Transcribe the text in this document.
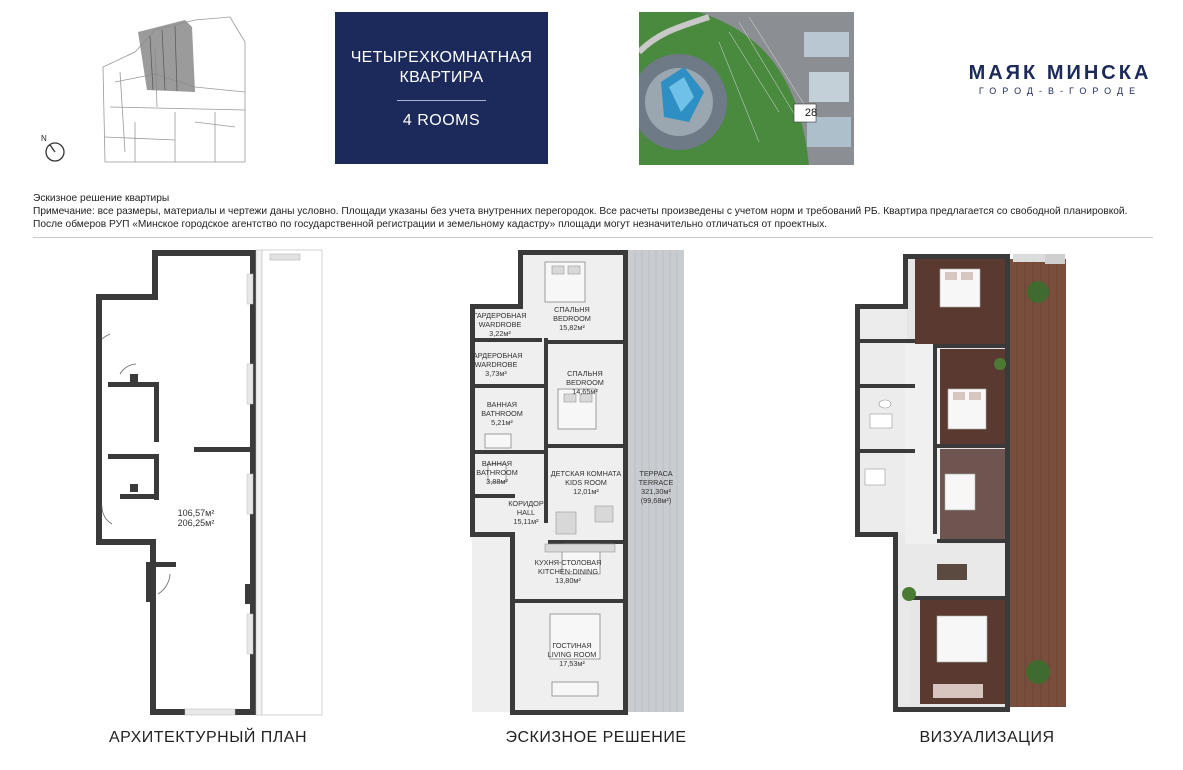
N
ЧЕТЫРЕХКОМНАТНАЯ
КВАРТИРА
4 ROOMS	28
МАЯК МИНСКА
ГОРОД-В-ГОРОДЕ
Эскизное решение квартиры
Примечание: все размеры, материалы и чертежи даны условно. Площади указаны без учета внутренних перегородок. Все расчеты произведены с учетом норм и требований РБ. Квартира предлагается со свободной планировкой.
После обмеров РУП «Минское городское агентство по государственной регистрации и земельному кадастру» площади могут незначительно отличаться от проектных.
106,57м²
206,25м²
АРХИТЕКТУРНЫЙ ПЛАН
СПАЛЬНЯ
BEDROOM
15,82м²
ГАРДЕРОБНАЯ
WARDROBE
3,22м²
ГАРДЕРОБНАЯ
WARDROBE
3,73м²	СПАЛЬНЯ
BEDROOM
14,65м²
ВАННАЯ
BATHROOM
5,21м²
ВАННАЯ
BATHROOM
3,88м²
ДЕТСКАЯ КОМНАТА
KIDS ROOM
12,01м²
КОРИДОР
HALL
15,11м²
ТЕРРАСА
TERRACE
321,30м²
(99,68м²)
КУХНЯ-СТОЛОВАЯ
KITCHEN-DINING
13,80м²
ГОСТИНАЯ
LIVING ROOM
17,53м²
ЭСКИЗНОЕ РЕШЕНИЕ	ВИЗУАЛИЗАЦИЯ
